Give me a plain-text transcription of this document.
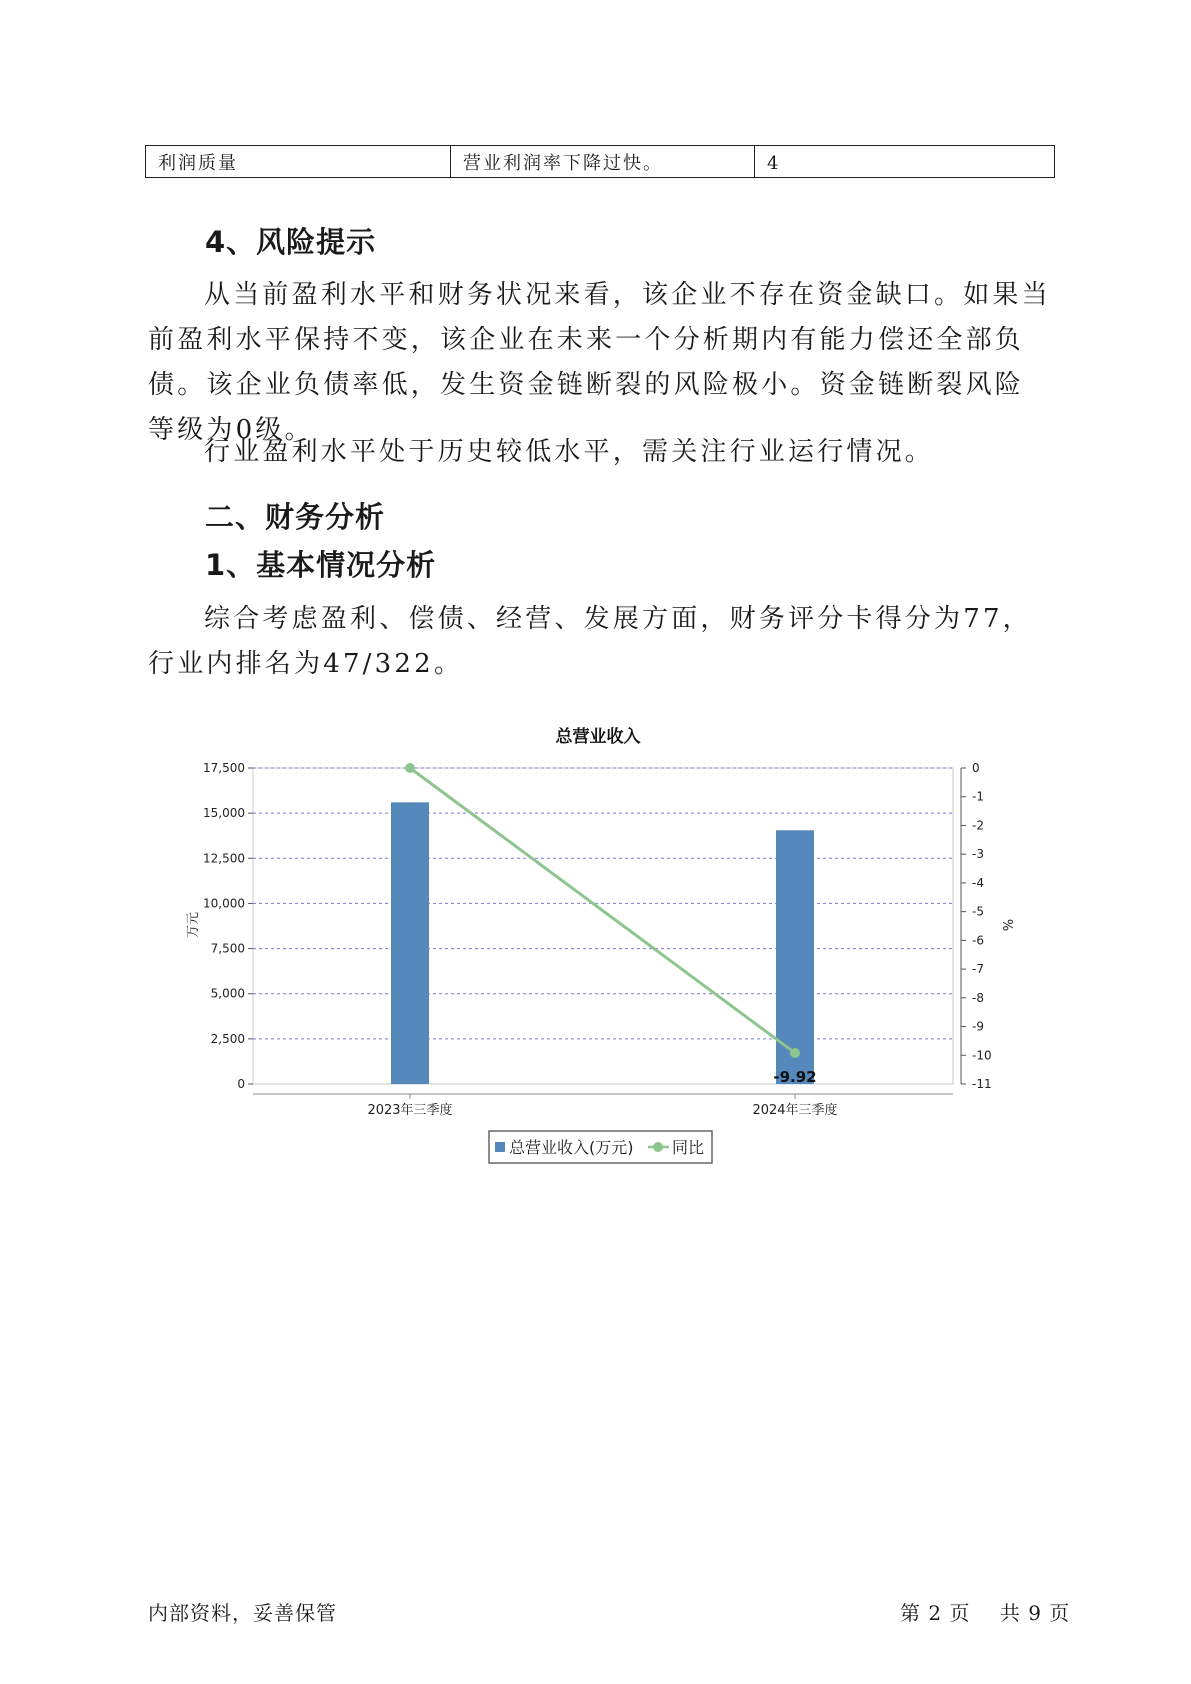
利润质量	营业利润率下降过快。	4
4、风险提示

从当前盈利水平和财务状况来看，该企业不存在资金缺口。如果当前盈利水平保持不变，该企业在未来一个分析期内有能力偿还全部负债。该企业负债率低，发生资金链断裂的风险极小。资金链断裂风险等级为0级。

行业盈利水平处于历史较低水平，需关注行业运行情况。

二、财务分析
1、基本情况分析

综合考虑盈利、偿债、经营、发展方面，财务评分卡得分为77，行业内排名为47/322。

总营业收入
万元	%
0
2,500
5,000
7,500
10,000
12,500
15,000
17,500	0
-1
-2
-3
-4
-5
-6
-7
-8
-9
-10
-11
2023年三季度	2024年三季度
-9.92
总营业收入(万元) 同比
内部资料，妥善保管	第 2 页    共 9 页
